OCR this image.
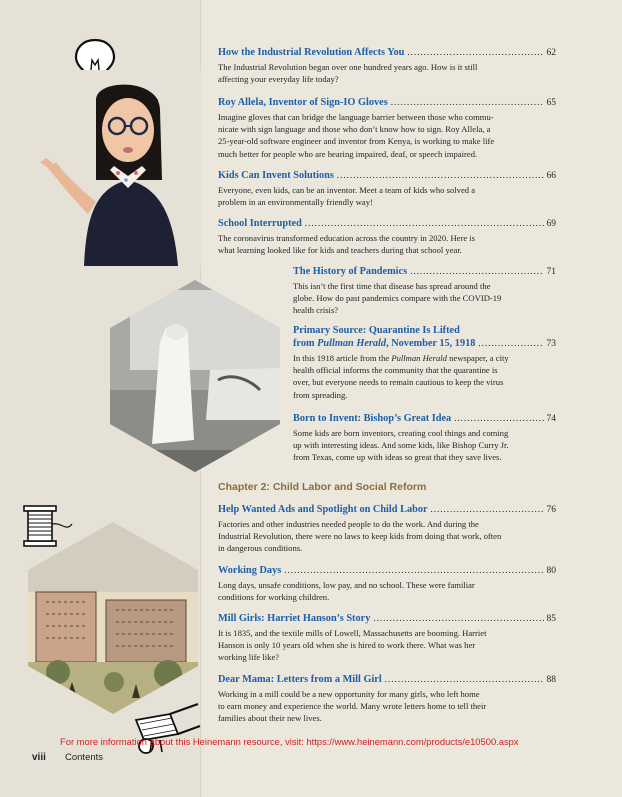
How the Industrial Revolution Affects You .....	62
The Industrial Revolution began over one hundred years ago. How is it still
affecting your everyday life today?
Roy Allela, Inventor of Sign-IO Gloves .....	65
Imagine gloves that can bridge the language barrier between those who commu-
nicate with sign language and those who don’t know how to sign. Roy Allela, a
25-year-old software engineer and inventor from Kenya, is working to make life
much better for people who are hearing impaired, deaf, or speech impaired.
Kids Can Invent Solutions .....	66
Everyone, even kids, can be an inventor. Meet a team of kids who solved a
problem in an environmentally friendly way!
School Interrupted .....	69
The coronavirus transformed education across the country in 2020. Here is
what learning looked like for kids and teachers during that school year.
The History of Pandemics .....	71
This isn’t the first time that disease has spread around the
globe. How do past pandemics compare with the COVID-19
health crisis?
Primary Source: Quarantine Is Lifted
from Pullman Herald, November 15, 1918 .....	73
In this 1918 article from the Pullman Herald newspaper, a city
health official informs the community that the quarantine is
over, but everyone needs to remain cautious to keep the virus
from spreading.
Born to Invent: Bishop’s Great Idea .....	74
Some kids are born inventors, creating cool things and coming
up with interesting ideas. And some kids, like Bishop Curry Jr.
from Texas, come up with ideas so great that they save lives.
Chapter 2: Child Labor and Social Reform
Help Wanted Ads and Spotlight on Child Labor .....	76
Factories and other industries needed people to do the work. And during the
Industrial Revolution, there were no laws to keep kids from doing that work, often
in dangerous conditions.
Working Days .....	80
Long days, unsafe conditions, low pay, and no school. These were familiar
conditions for working children.
Mill Girls: Harriet Hanson’s Story .....	85
It is 1835, and the textile mills of Lowell, Massachusetts are booming. Harriet
Hanson is only 10 years old when she is hired to work there. What was her
working life like?
Dear Mama: Letters from a Mill Girl .....	88
Working in a mill could be a new opportunity for many girls, who left home
to earn money and experience the world. Many wrote letters home to tell their
families about their new lives.
For more information about this Heinemann resource, visit: https://www.heinemann.com/products/e10500.aspx
viii Contents
